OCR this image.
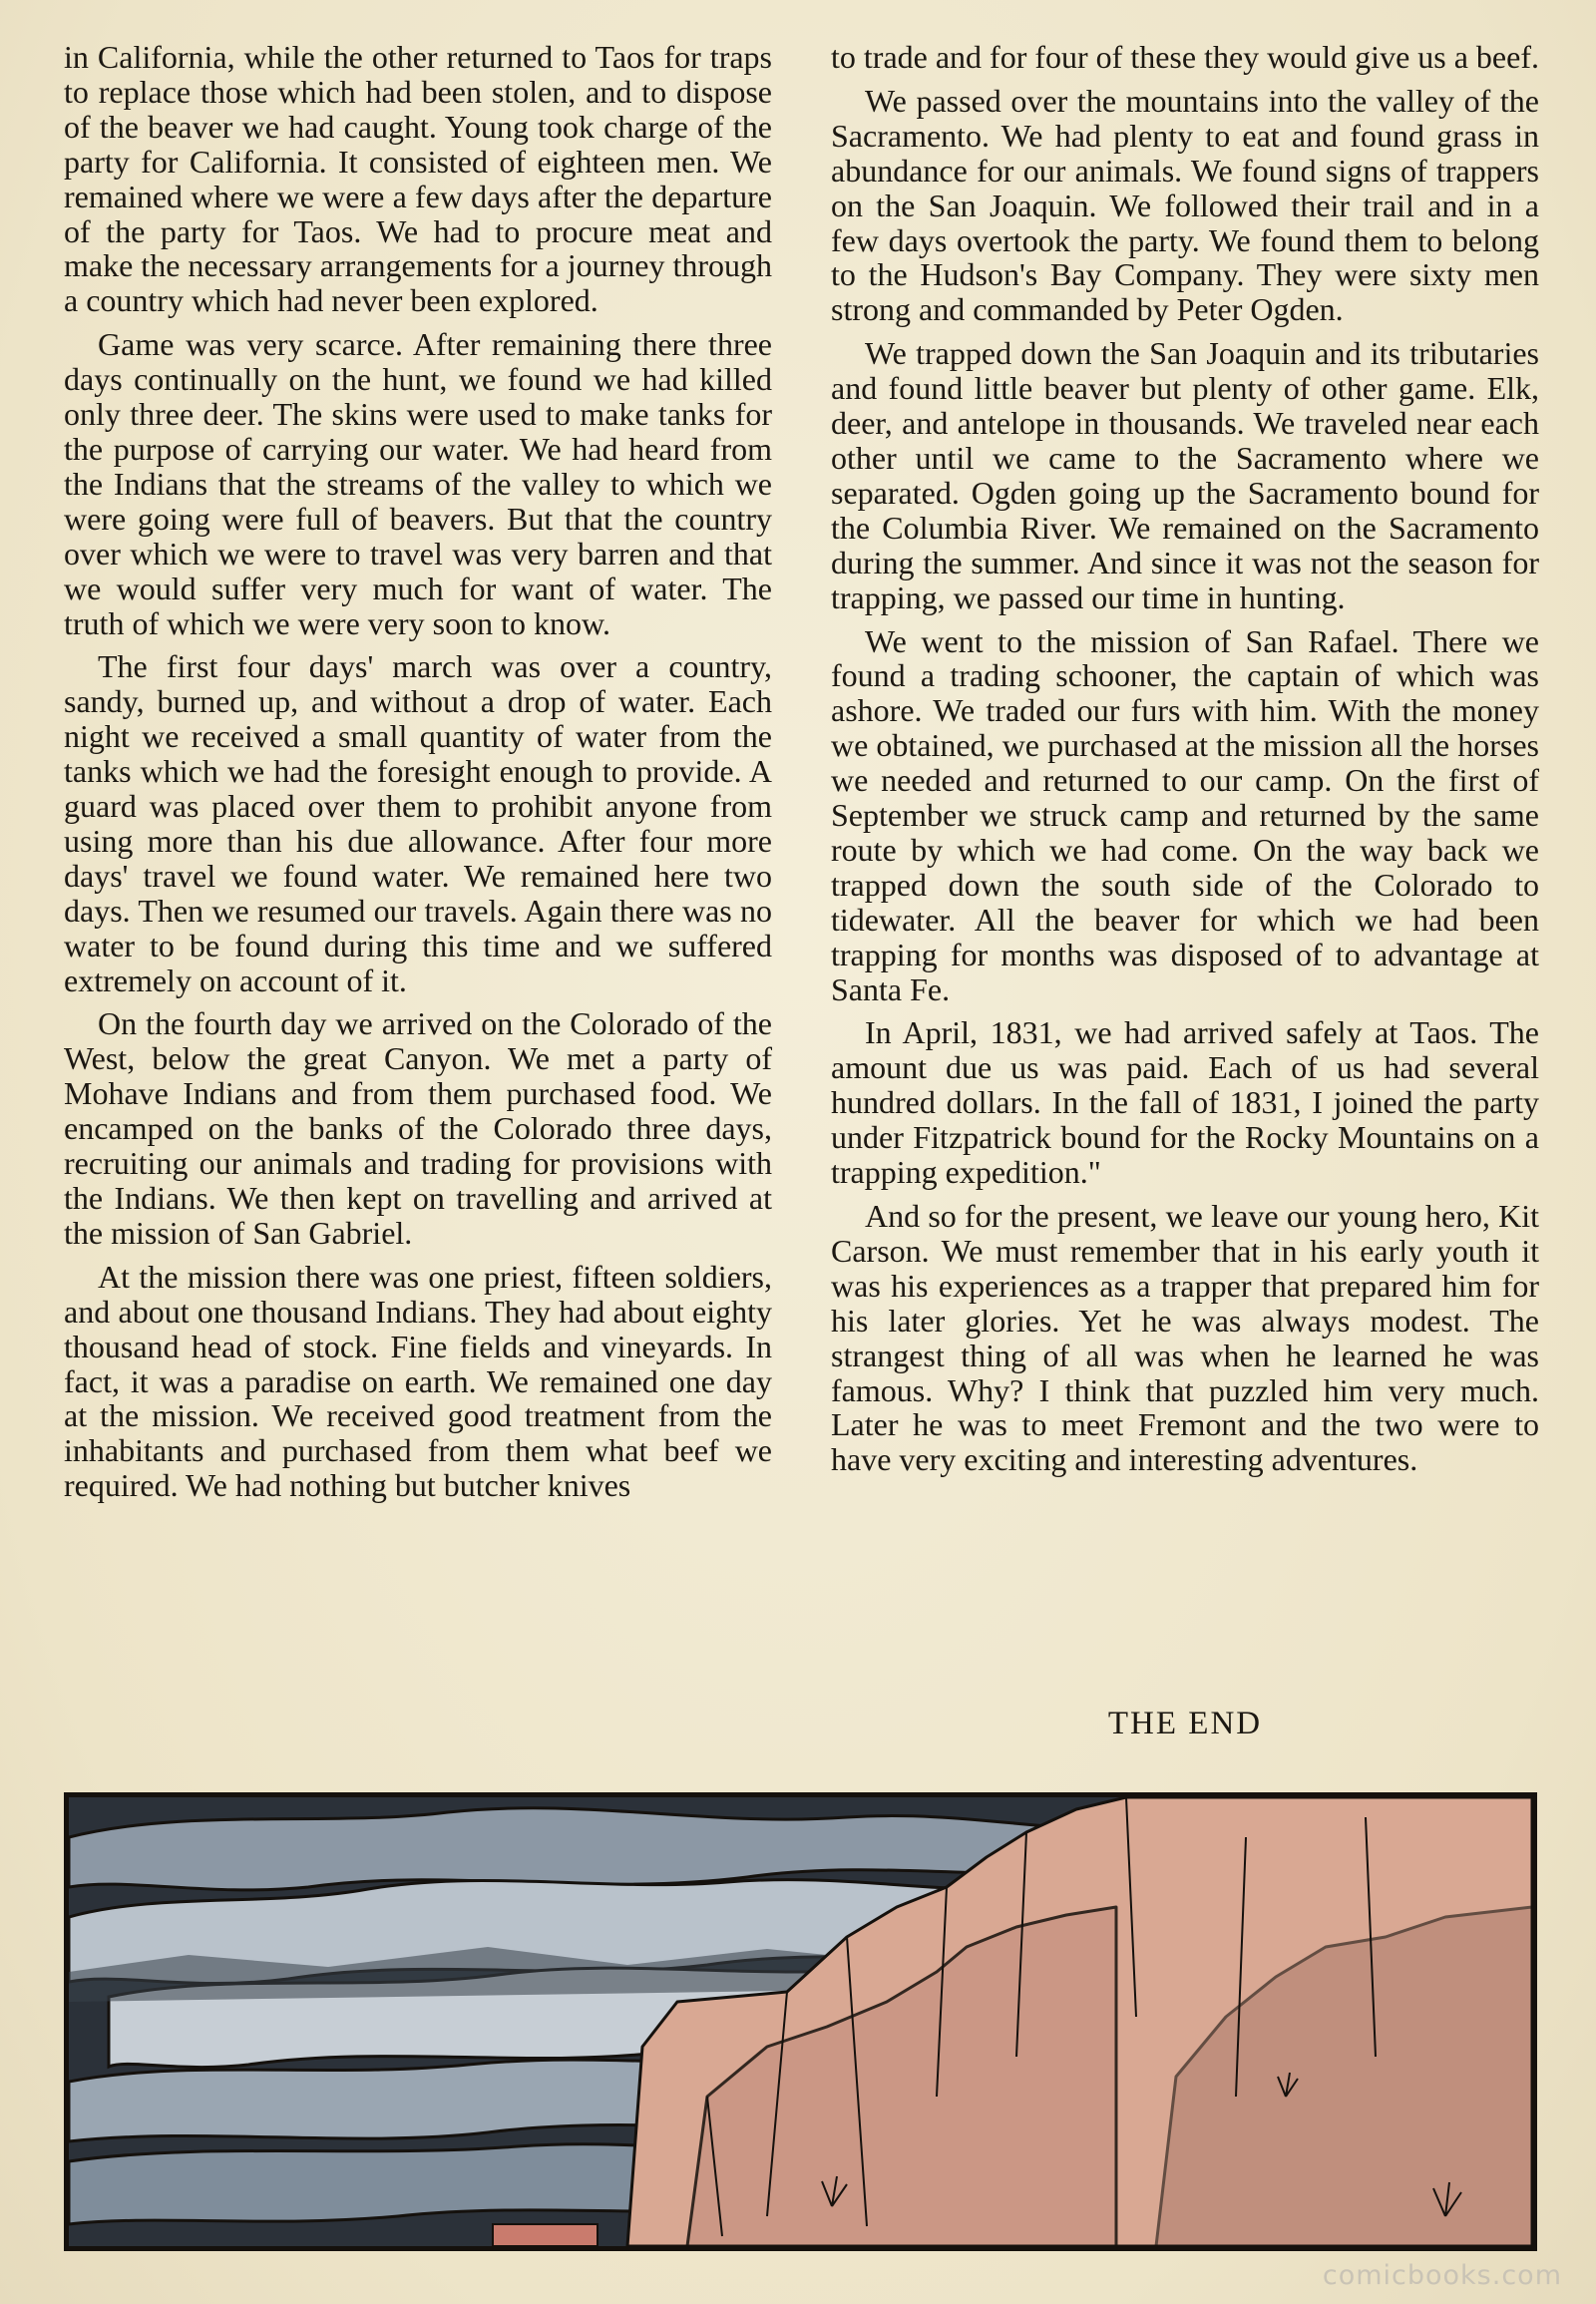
in California, while the other returned to Taos for traps to replace those which had been stolen, and to dispose of the beaver we had caught. Young took charge of the party for California. It consisted of eighteen men. We remained where we were a few days after the departure of the party for Taos. We had to procure meat and make the necessary arrangements for a journey through a country which had never been explored.

Game was very scarce. After remaining there three days continually on the hunt, we found we had killed only three deer. The skins were used to make tanks for the purpose of carrying our water. We had heard from the Indians that the streams of the valley to which we were going were full of beavers. But that the country over which we were to travel was very barren and that we would suffer very much for want of water. The truth of which we were very soon to know.

The first four days' march was over a country, sandy, burned up, and without a drop of water. Each night we received a small quantity of water from the tanks which we had the foresight enough to provide. A guard was placed over them to prohibit anyone from using more than his due allowance. After four more days' travel we found water. We remained here two days. Then we resumed our travels. Again there was no water to be found during this time and we suffered extremely on account of it.

On the fourth day we arrived on the Colorado of the West, below the great Canyon. We met a party of Mohave Indians and from them purchased food. We encamped on the banks of the Colorado three days, recruiting our animals and trading for provisions with the Indians. We then kept on travelling and arrived at the mission of San Gabriel.

At the mission there was one priest, fifteen soldiers, and about one thousand Indians. They had about eighty thousand head of stock. Fine fields and vineyards. In fact, it was a paradise on earth. We remained one day at the mission. We received good treatment from the inhabitants and purchased from them what beef we required. We had nothing but butcher knives

to trade and for four of these they would give us a beef.

We passed over the mountains into the valley of the Sacramento. We had plenty to eat and found grass in abundance for our animals. We found signs of trappers on the San Joaquin. We followed their trail and in a few days overtook the party. We found them to belong to the Hudson's Bay Company. They were sixty men strong and commanded by Peter Ogden.

We trapped down the San Joaquin and its tributaries and found little beaver but plenty of other game. Elk, deer, and antelope in thousands. We traveled near each other until we came to the Sacramento where we separated. Ogden going up the Sacramento bound for the Columbia River. We remained on the Sacramento during the summer. And since it was not the season for trapping, we passed our time in hunting.

We went to the mission of San Rafael. There we found a trading schooner, the captain of which was ashore. We traded our furs with him. With the money we obtained, we purchased at the mission all the horses we needed and returned to our camp. On the first of September we struck camp and returned by the same route by which we had come. On the way back we trapped down the south side of the Colorado to tidewater. All the beaver for which we had been trapping for months was disposed of to advantage at Santa Fe.

In April, 1831, we had arrived safely at Taos. The amount due us was paid. Each of us had several hundred dollars. In the fall of 1831, I joined the party under Fitzpatrick bound for the Rocky Mountains on a trapping expedition."

And so for the present, we leave our young hero, Kit Carson. We must remember that in his early youth it was his experiences as a trapper that prepared him for his later glories. Yet he was always modest. The strangest thing of all was when he learned he was famous. Why? I think that puzzled him very much. Later he was to meet Fremont and the two were to have very exciting and interesting adventures.

THE END
comicbooks.com
